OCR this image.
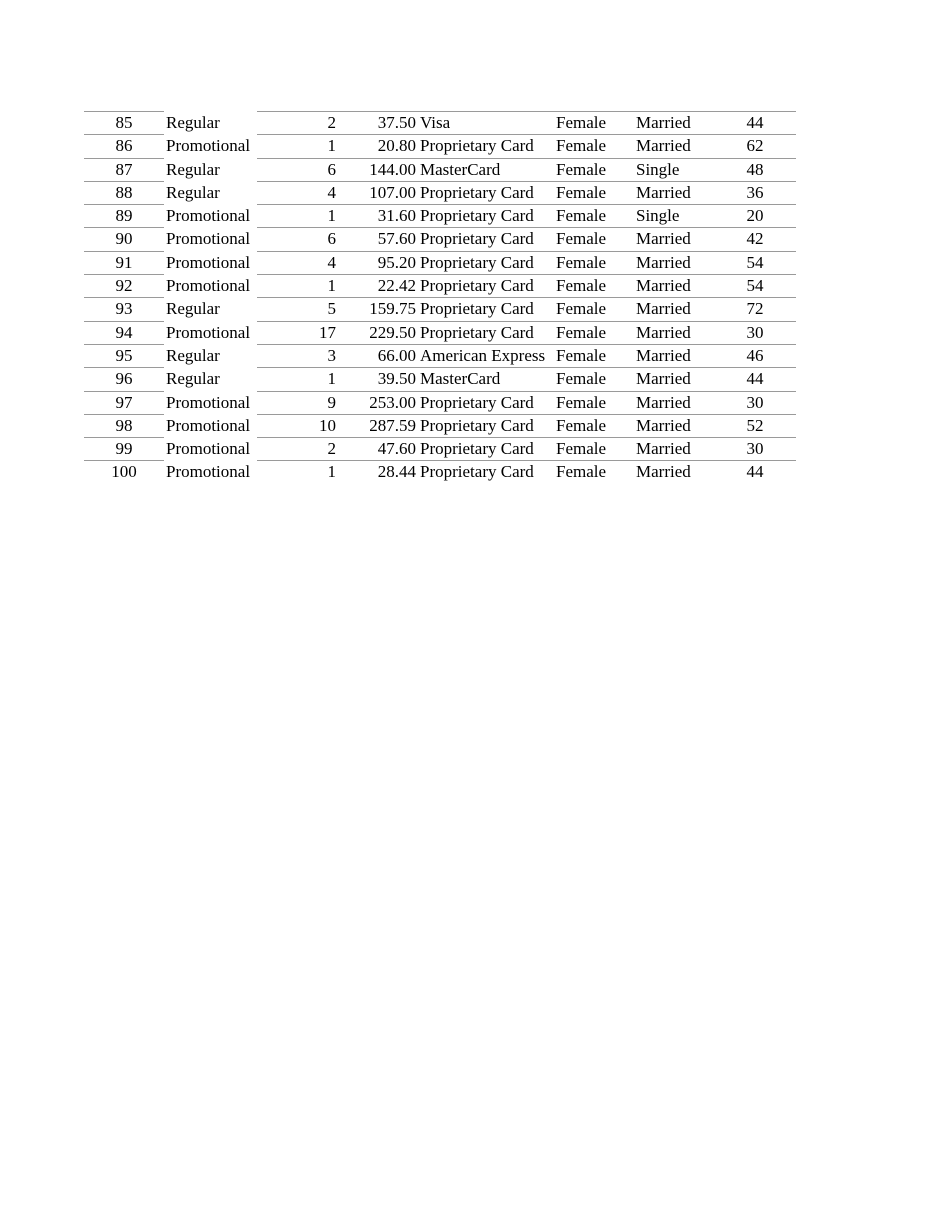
85	Regular	2	37.50 Visa	Female	Married	44
86	Promotional	1	20.80 Proprietary Card	Female	Married	62
87	Regular	6	144.00 MasterCard	Female	Single	48
88	Regular	4	107.00 Proprietary Card	Female	Married	36
89	Promotional	1	31.60 Proprietary Card	Female	Single	20
90	Promotional	6	57.60 Proprietary Card	Female	Married	42
91	Promotional	4	95.20 Proprietary Card	Female	Married	54
92	Promotional	1	22.42 Proprietary Card	Female	Married	54
93	Regular	5	159.75 Proprietary Card	Female	Married	72
94	Promotional	17	229.50 Proprietary Card	Female	Married	30
95	Regular	3	66.00 American Express Female	Married	46
96	Regular	1	39.50 MasterCard	Female	Married	44
97	Promotional	9	253.00 Proprietary Card	Female	Married	30
98	Promotional	10	287.59 Proprietary Card	Female	Married	52
99	Promotional	2	47.60 Proprietary Card	Female	Married	30
100	Promotional	1	28.44 Proprietary Card	Female	Married	44
